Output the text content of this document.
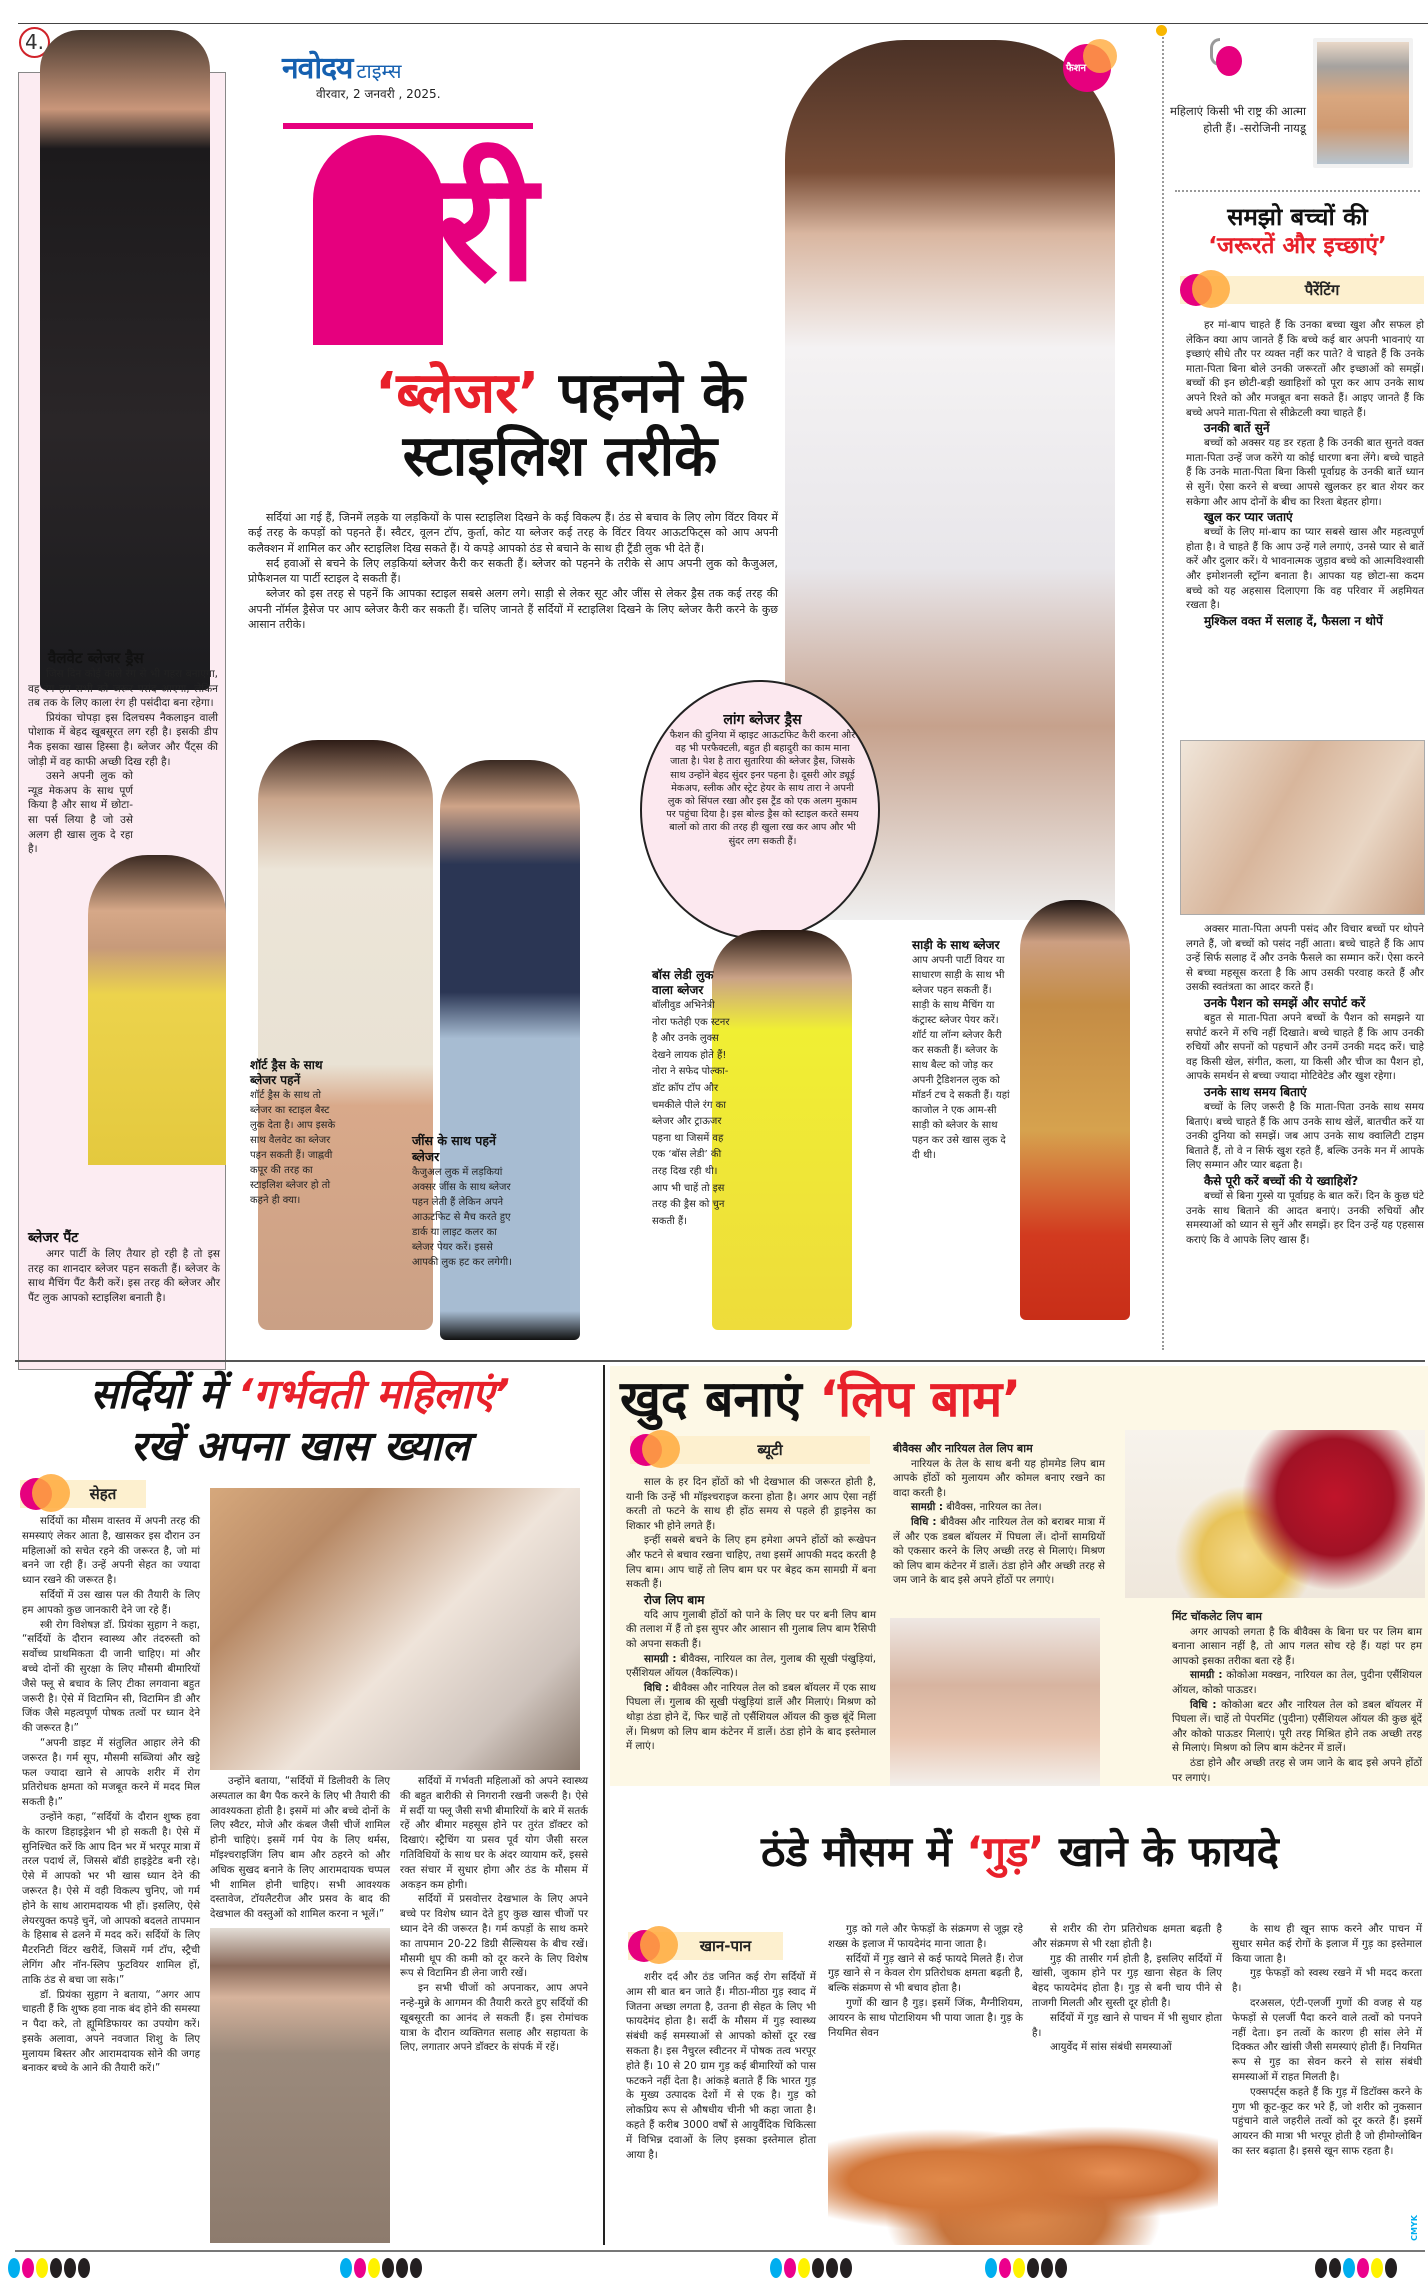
4.
वैलवेट ब्लेजर ड्रैस

जिस दिन कोई काले रंग से भी गहरा बनाएगा, वह रंग हम सभी को जरूर पसंद आएगा, लेकिन तब तक के लिए काला रंग ही पसंदीदा बना रहेगा।

प्रियंका चोपड़ा इस दिलचस्प नैकलाइन वाली पोशाक में बेहद खूबसूरत लग रही है। इसकी डीप नैक इसका खास हिस्सा है। ब्लेजर और पैंट्स की जोड़ी में वह काफी अच्छी दिख रही है।

उसने अपनी लुक को न्यूड मेकअप के साथ पूर्ण किया है और साथ में छोटा-सा पर्स लिया है जो उसे अलग ही खास लुक दे रहा है।

ब्लेजर पैंट

अगर पार्टी के लिए तैयार हो रही है तो इस तरह का शानदार ब्लेजर पहन सकती हैं। ब्लेजर के साथ मैचिंग पैंट कैरी करें। इस तरह की ब्लेजर और पैंट लुक आपको स्टाइलिश बनाती है।

नवोदय टाइम्स
वीरवार, 2 जनवरी , 2025.
नारी
‘ब्लेजर’ पहनने के
स्टाइलिश तरीके

सर्दियां आ गई हैं, जिनमें लड़के या लड़कियों के पास स्टाइलिश दिखने के कई विकल्प हैं। ठंड से बचाव के लिए लोग विंटर वियर में कई तरह के कपड़ों को पहनते हैं। स्वैटर, वूलन टॉप, कुर्ता, कोट या ब्लेजर कई तरह के विंटर वियर आऊटफिट्स को आप अपनी कलैक्शन में शामिल कर और स्टाइलिश दिख सकते हैं। ये कपड़े आपको ठंड से बचाने के साथ ही ट्रैंडी लुक भी देते हैं।

सर्द हवाओं से बचने के लिए लड़कियां ब्लेजर कैरी कर सकती हैं। ब्लेजर को पहनने के तरीके से आप अपनी लुक को कैजुअल, प्रोफैशनल या पार्टी स्टाइल दे सकती हैं।

ब्लेजर को इस तरह से पहनें कि आपका स्टाइल सबसे अलग लगे। साड़ी से लेकर सूट और जींस से लेकर ड्रैस तक कई तरह की अपनी नॉर्मल ड्रैसेज पर आप ब्लेजर कैरी कर सकती हैं। चलिए जानते हैं सर्दियों में स्टाइलिश दिखने के लिए ब्लेजर कैरी करने के कुछ आसान तरीके।

फैशन
लांग ब्लेजर ड्रैस
फैशन की दुनिया में व्हाइट आऊटफिट कैरी करना और वह भी परफैक्टली, बहुत ही बहादुरी का काम माना जाता है। पेश है तारा सुतारिया की ब्लेजर ड्रैस, जिसके साथ उन्होंने बेहद सुंदर इनर पहना है। दूसरी ओर ड्यूई मेकअप, स्लीक और स्ट्रेट हेयर के साथ तारा ने अपनी लुक को सिंपल रखा और इस ट्रैंड को एक अलग मुकाम पर पहुंचा दिया है। इस बोल्ड ड्रैस को स्टाइल करते समय बालों को तारा की तरह ही खुला रख कर आप और भी सुंदर लग सकती हैं।
शॉर्ट ड्रैस के साथ ब्लेजर पहनें
शॉर्ट ड्रैस के साथ तो ब्लेजर का स्टाइल बैस्ट लुक देता है। आप इसके साथ वैलवेट का ब्लेजर पहन सकती हैं। जाह्नवी कपूर की तरह का स्टाइलिश ब्लेजर हो तो कहने ही क्या।
जींस के साथ पहनें ब्लेजर
कैजुअल लुक में लड़कियां अक्सर जींस के साथ ब्लेजर पहन लेती हैं लेकिन अपने आऊटफिट से मैच करते हुए डार्क या लाइट कलर का ब्लेजर पेयर करें। इससे आपकी लुक हट कर लगेगी।
बॉस लेडी लुक वाला ब्लेजर
बॉलीवुड अभिनेत्री नोरा फतेही एक स्टनर है और उनके लुक्स देखने लायक होते हैं! नोरा ने सफेद पोल्का-डॉट क्रॉप टॉप और चमकीले पीले रंग का ब्लेजर और ट्राऊजर पहना था जिसमें वह एक ‘बॉस लेडी’ की तरह दिख रही थी। आप भी चाहें तो इस तरह की ड्रैस को चुन सकती हैं।
साड़ी के साथ ब्लेजर
आप अपनी पार्टी वियर या साधारण साड़ी के साथ भी ब्लेजर पहन सकती हैं। साड़ी के साथ मैचिंग या कंट्रास्ट ब्लेजर पेयर करें। शॉर्ट या लॉन्ग ब्लेजर कैरी कर सकती हैं। ब्लेजर के साथ बैल्ट को जोड़ कर अपनी ट्रैडिशनल लुक को मॉडर्न टच दे सकती हैं। यहां काजोल ने एक आम-सी साड़ी को ब्लेजर के साथ पहन कर उसे खास लुक दे दी थी।
महिलाएं किसी भी राष्ट्र की आत्मा होती हैं। -सरोजिनी नायडू
समझो बच्चों की
‘जरूरतें और इच्छाएं’
पैरेंटिंग

हर मां-बाप चाहते हैं कि उनका बच्चा खुश और सफल हो लेकिन क्या आप जानते हैं कि बच्चे कई बार अपनी भावनाएं या इच्छाएं सीधे तौर पर व्यक्त नहीं कर पाते? वे चाहते हैं कि उनके माता-पिता बिना बोले उनकी जरूरतों और इच्छाओं को समझें। बच्चों की इन छोटी-बड़ी ख्वाहिशों को पूरा कर आप उनके साथ अपने रिश्ते को और मजबूत बना सकते हैं। आइए जानते हैं कि बच्चे अपने माता-पिता से सीक्रेटली क्या चाहते हैं।

उनकी बातें सुनें

बच्चों को अक्सर यह डर रहता है कि उनकी बात सुनते वक्त माता-पिता उन्हें जज करेंगे या कोई धारणा बना लेंगे। बच्चे चाहते हैं कि उनके माता-पिता बिना किसी पूर्वाग्रह के उनकी बातें ध्यान से सुनें। ऐसा करने से बच्चा आपसे खुलकर हर बात शेयर कर सकेगा और आप दोनों के बीच का रिश्ता बेहतर होगा।

खुल कर प्यार जताएं

बच्चों के लिए मां-बाप का प्यार सबसे खास और महत्वपूर्ण होता है। वे चाहते हैं कि आप उन्हें गले लगाएं, उनसे प्यार से बातें करें और दुलार करें। ये भावनात्मक जुड़ाव बच्चे को आत्मविश्वासी और इमोशनली स्ट्रॉन्ग बनाता है। आपका यह छोटा-सा कदम बच्चे को यह अहसास दिलाएगा कि वह परिवार में अहमियत रखता है।

मुश्किल वक्त में सलाह दें, फैसला न थोपें

अक्सर माता-पिता अपनी पसंद और विचार बच्चों पर थोपने लगते हैं, जो बच्चों को पसंद नहीं आता। बच्चे चाहते हैं कि आप उन्हें सिर्फ सलाह दें और उनके फैसले का सम्मान करें। ऐसा करने से बच्चा महसूस करता है कि आप उसकी परवाह करते हैं और उसकी स्वतंत्रता का आदर करते हैं।

उनके पैशन को समझें और सपोर्ट करें

बहुत से माता-पिता अपने बच्चों के पैशन को समझने या सपोर्ट करने में रुचि नहीं दिखाते। बच्चे चाहते हैं कि आप उनकी रुचियों और सपनों को पहचानें और उनमें उनकी मदद करें। चाहे वह किसी खेल, संगीत, कला, या किसी और चीज का पैशन हो, आपके समर्थन से बच्चा ज्यादा मोटिवेटेड और खुश रहेगा।

उनके साथ समय बिताएं

बच्चों के लिए जरूरी है कि माता-पिता उनके साथ समय बिताएं। बच्चे चाहते हैं कि आप उनके साथ खेलें, बातचीत करें या उनकी दुनिया को समझें। जब आप उनके साथ क्वालिटी टाइम बिताते हैं, तो वे न सिर्फ खुश रहते हैं, बल्कि उनके मन में आपके लिए सम्मान और प्यार बढ़ता है।

कैसे पूरी करें बच्चों की ये ख्वाहिशें?

बच्चों से बिना गुस्से या पूर्वाग्रह के बात करें। दिन के कुछ घंटे उनके साथ बिताने की आदत बनाएं। उनकी रुचियों और समस्याओं को ध्यान से सुनें और समझें। हर दिन उन्हें यह एहसास कराएं कि वे आपके लिए खास हैं।

सर्दियों में ‘गर्भवती महिलाएं’
रखें अपना खास ख्याल
सेहत

सर्दियों का मौसम वास्तव में अपनी तरह की समस्याएं लेकर आता है, खासकर इस दौरान उन महिलाओं को सचेत रहने की जरूरत है, जो मां बनने जा रही हैं। उन्हें अपनी सेहत का ज्यादा ध्यान रखने की जरूरत है।

सर्दियों में उस खास पल की तैयारी के लिए हम आपको कुछ जानकारी देने जा रहे हैं।

स्त्री रोग विशेषज्ञ डॉ. प्रियंका सुहाग ने कहा, “सर्दियों के दौरान स्वास्थ्य और तंदरुस्ती को सर्वोच्च प्राथमिकता दी जानी चाहिए। मां और बच्चे दोनों की सुरक्षा के लिए मौसमी बीमारियों जैसे फ्लू से बचाव के लिए टीका लगवाना बहुत जरूरी है। ऐसे में विटामिन सी, विटामिन डी और जिंक जैसे महत्वपूर्ण पोषक तत्वों पर ध्यान देने की जरूरत है।”

“अपनी डाइट में संतुलित आहार लेने की जरूरत है। गर्म सूप, मौसमी सब्जियां और खट्टे फल ज्यादा खाने से आपके शरीर में रोग प्रतिरोधक क्षमता को मजबूत करने में मदद मिल सकती है।”

उन्होंने कहा, “सर्दियों के दौरान शुष्क हवा के कारण डिहाइड्रेशन भी हो सकती है। ऐसे में सुनिश्चित करें कि आप दिन भर में भरपूर मात्रा में तरल पदार्थ लें, जिससे बॉडी हाइड्रेटेड बनी रहे। ऐसे में आपको भर भी खास ध्यान देने की जरूरत है। ऐसे में वही विकल्प चुनिए, जो गर्म होने के साथ आरामदायक भी हों। इसलिए, ऐसे लेयरयुक्त कपड़े चुनें, जो आपको बदलते तापमान के हिसाब से ढलने में मदद करें। सर्दियों के लिए मैटरनिटी विंटर खरीदें, जिसमें गर्म टॉप, स्ट्रैची लेगिंग और नॉन-स्लिप फुटवियर शामिल हों, ताकि ठंड से बचा जा सके।”

डॉ. प्रियंका सुहाग ने बताया, “अगर आप चाहती हैं कि शुष्क हवा नाक बंद होने की समस्या न पैदा करे, तो ह्यूमिडिफायर का उपयोग करें। इसके अलावा, अपने नवजात शिशु के लिए मुलायम बिस्तर और आरामदायक सोने की जगह बनाकर बच्चे के आने की तैयारी करें।”

उन्होंने बताया, “सर्दियों में डिलीवरी के लिए अस्पताल का बैग पैक करने के लिए भी तैयारी की आवश्यकता होती है। इसमें मां और बच्चे दोनों के लिए स्वैटर, मोजे और कंबल जैसी चीजें शामिल होनी चाहिएं। इसमें गर्म पेय के लिए थर्मस, मॉइश्चराइजिंग लिप बाम और ठहरने को और अधिक सुखद बनाने के लिए आरामदायक चप्पल भी शामिल होनी चाहिए। सभी आवश्यक दस्तावेज, टॉयलैटरीज और प्रसव के बाद की देखभाल की वस्तुओं को शामिल करना न भूलें।”

सर्दियों में गर्भवती महिलाओं को अपने स्वास्थ्य की बहुत बारीकी से निगरानी रखनी जरूरी है। ऐसे में सर्दी या फ्लू जैसी सभी बीमारियों के बारे में सतर्क रहें और बीमार महसूस होने पर तुरंत डॉक्टर को दिखाएं। स्ट्रैचिंग या प्रसव पूर्व योग जैसी सरल गतिविधियों के साथ घर के अंदर व्यायाम करें, इससे रक्त संचार में सुधार होगा और ठंड के मौसम में अकड़न कम होगी।

सर्दियों में प्रसवोत्तर देखभाल के लिए अपने बच्चे पर विशेष ध्यान देते हुए कुछ खास चीजों पर ध्यान देने की जरूरत है। गर्म कपड़ों के साथ कमरे का तापमान 20-22 डिग्री सैल्सियस के बीच रखें। मौसमी धूप की कमी को दूर करने के लिए विशेष रूप से विटामिन डी लेना जारी रखें।

इन सभी चीजों को अपनाकर, आप अपने नन्हे-मुन्ने के आगमन की तैयारी करते हुए सर्दियों की खूबसूरती का आनंद ले सकती हैं। इस रोमांचक यात्रा के दौरान व्यक्तिगत सलाह और सहायता के लिए, लगातार अपने डॉक्टर के संपर्क में रहें।

खुद बनाएं ‘लिप बाम’
ब्यूटी

साल के हर दिन होंठों को भी देखभाल की जरूरत होती है, यानी कि उन्हें भी मॉइश्चराइज करना होता है। अगर आप ऐसा नहीं करती तो फटने के साथ ही होंठ समय से पहले ही ड्राइनेस का शिकार भी होने लगते हैं।

इन्हीं सबसे बचने के लिए हम हमेशा अपने होंठों को रूखेपन और फटने से बचाव रखना चाहिए, तथा इसमें आपकी मदद करती है लिप बाम। आप चाहें तो लिप बाम घर पर बेहद कम सामग्री में बना सकती हैं।

रोज लिप बाम

यदि आप गुलाबी होंठों को पाने के लिए घर पर बनी लिप बाम की तलाश में हैं तो इस सुपर और आसान सी गुलाब लिप बाम रैसिपी को अपना सकती हैं।

सामग्री : बीवैक्स, नारियल का तेल, गुलाब की सूखी पंखुड़ियां, एसैंशियल ऑयल (वैकल्पिक)।

विधि : बीवैक्स और नारियल तेल को डबल बॉयलर में एक साथ पिघला लें। गुलाब की सूखी पंखुड़ियां डालें और मिलाएं। मिश्रण को थोड़ा ठंडा होने दें, फिर चाहें तो एसैंशियल ऑयल की कुछ बूंदें मिला लें। मिश्रण को लिप बाम कंटेनर में डालें। ठंडा होने के बाद इस्तेमाल में लाएं।

बीवैक्स और नारियल तेल लिप बाम

नारियल के तेल के साथ बनी यह होममेड लिप बाम आपके होंठों को मुलायम और कोमल बनाए रखने का वादा करती है।

सामग्री : बीवैक्स, नारियल का तेल।

विधि : बीवैक्स और नारियल तेल को बराबर मात्रा में लें और एक डबल बॉयलर में पिघला लें। दोनों सामग्रियों को एकसार करने के लिए अच्छी तरह से मिलाएं। मिश्रण को लिप बाम कंटेनर में डालें। ठंडा होने और अच्छी तरह से जम जाने के बाद इसे अपने होंठों पर लगाएं।

मिंट चॉकलेट लिप बाम

अगर आपको लगता है कि बीवैक्स के बिना घर पर लिम बाम बनाना आसान नहीं है, तो आप गलत सोच रहे हैं। यहां पर हम आपको इसका तरीका बता रहे हैं।

सामग्री : कोकोआ मक्खन, नारियल का तेल, पुदीना एसैंशियल ऑयल, कोको पाऊडर।

विधि : कोकोआ बटर और नारियल तेल को डबल बॉयलर में पिघला लें। चाहें तो पेपरमिंट (पुदीना) एसैंशियल ऑयल की कुछ बूंदें और कोको पाऊडर मिलाएं। पूरी तरह मिश्रित होने तक अच्छी तरह से मिलाएं। मिश्रण को लिप बाम कंटेनर में डालें।

ठंडा होने और अच्छी तरह से जम जाने के बाद इसे अपने होंठों पर लगाएं।

ठंडे मौसम में ‘गुड़’ खाने के फायदे
खान-पान

शरीर दर्द और ठंड जनित कई रोग सर्दियों में आम सी बात बन जाते हैं। मीठा-मीठा गुड़ स्वाद में जितना अच्छा लगता है, उतना ही सेहत के लिए भी फायदेमंद होता है। सर्दी के मौसम में गुड़ स्वास्थ्य संबंधी कई समस्याओं से आपको कोसों दूर रख सकता है। इस नैचुरल स्वीटनर में पोषक तत्व भरपूर होते हैं। 10 से 20 ग्राम गुड़ कई बीमारियों को पास फटकने नहीं देता है। आंकड़े बताते हैं कि भारत गुड़ के मुख्य उत्पादक देशों में से एक है। गुड़ को लोकप्रिय रूप से औषधीय चीनी भी कहा जाता है। कहते हैं करीब 3000 वर्षों से आयुर्वैदिक चिकित्सा में विभिन्न दवाओं के लिए इसका इस्तेमाल होता आया है।

गुड़ को गले और फेफड़ों के संक्रमण से जूझ रहे शख्स के इलाज में फायदेमंद माना जाता है।

सर्दियों में गुड़ खाने से कई फायदे मिलते हैं। रोज गुड़ खाने से न केवल रोग प्रतिरोधक क्षमता बढ़ती है, बल्कि संक्रमण से भी बचाव होता है।

गुणों की खान है गुड़। इसमें जिंक, मैग्नीशियम, आयरन के साथ पोटाशियम भी पाया जाता है। गुड़ के नियमित सेवन

से शरीर की रोग प्रतिरोधक क्षमता बढ़ती है और संक्रमण से भी रक्षा होती है।

गुड़ की तासीर गर्म होती है, इसलिए सर्दियों में खांसी, जुकाम होने पर गुड़ खाना सेहत के लिए बेहद फायदेमंद होता है। गुड़ से बनी चाय पीने से ताजगी मिलती और सुस्ती दूर होती है।

सर्दियों में गुड़ खाने से पाचन में भी सुधार होता है।

आयुर्वेद में सांस संबंधी समस्याओं

के साथ ही खून साफ करने और पाचन में सुधार समेत कई रोगों के इलाज में गुड़ का इस्तेमाल किया जाता है।

गुड़ फेफड़ों को स्वस्थ रखने में भी मदद करता है।

दरअसल, एंटी-एलर्जी गुणों की वजह से यह फेफड़ों से एलर्जी पैदा करने वाले तत्वों को पनपने नहीं देता। इन तत्वों के कारण ही सांस लेने में दिक्कत और खांसी जैसी समस्याएं होती हैं। नियमित रूप से गुड़ का सेवन करने से सांस संबंधी समस्याओं में राहत मिलती है।

एक्सपर्ट्स कहते हैं कि गुड़ में डिटॉक्स करने के गुण भी कूट-कूट कर भरे हैं, जो शरीर को नुकसान पहुंचाने वाले जहरीले तत्वों को दूर करते हैं। इसमें आयरन की मात्रा भी भरपूर होती है जो हीमोग्लोबिन का स्तर बढ़ाता है। इससे खून साफ रहता है।

CMYK
